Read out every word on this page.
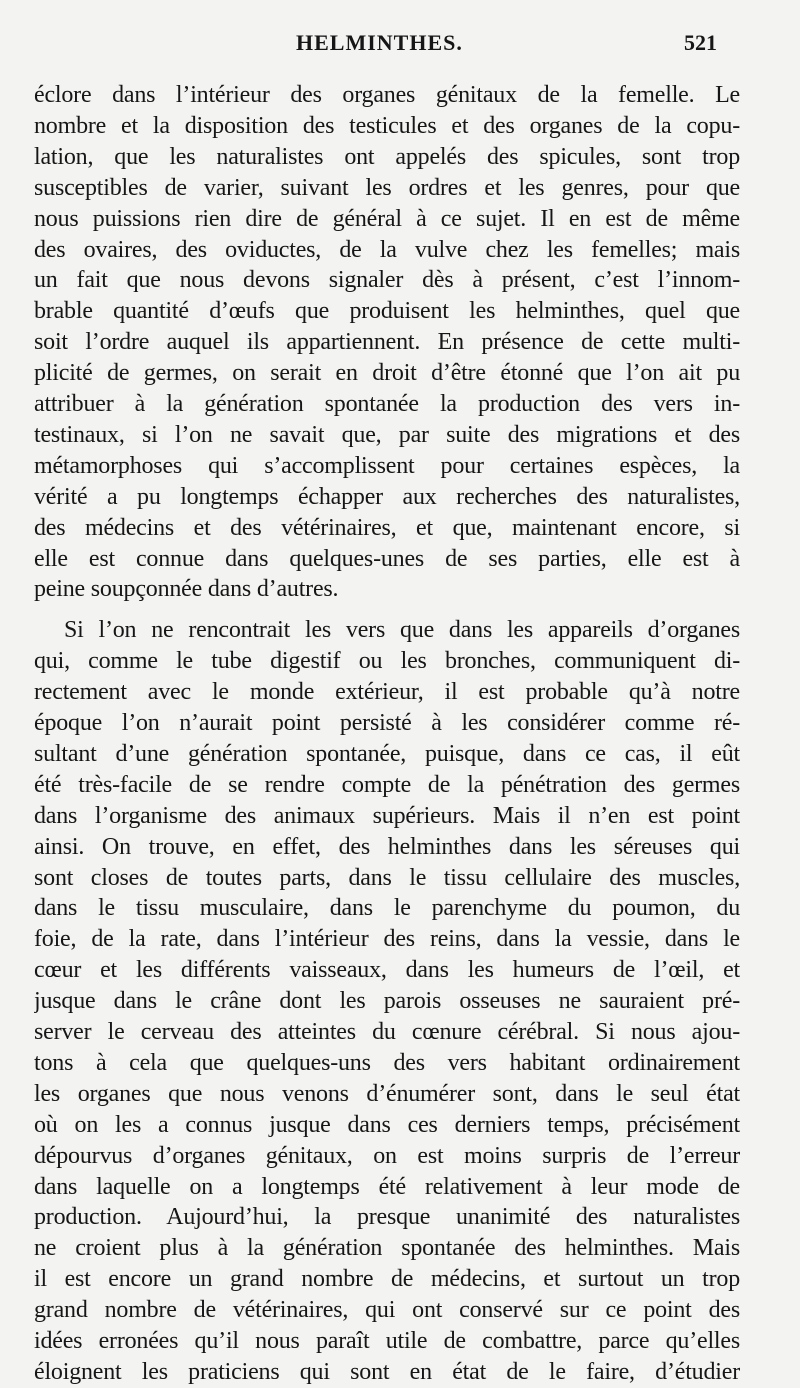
HELMINTHES.	521
éclore dans l’intérieur des organes génitaux de la femelle. Le
nombre et la disposition des testicules et des organes de la copu-
lation, que les naturalistes ont appelés des spicules, sont trop
susceptibles de varier, suivant les ordres et les genres, pour que
nous puissions rien dire de général à ce sujet. Il en est de même
des ovaires, des oviductes, de la vulve chez les femelles; mais
un fait que nous devons signaler dès à présent, c’est l’innom-
brable quantité d’œufs que produisent les helminthes, quel que
soit l’ordre auquel ils appartiennent. En présence de cette multi-
plicité de germes, on serait en droit d’être étonné que l’on ait pu
attribuer à la génération spontanée la production des vers in-
testinaux, si l’on ne savait que, par suite des migrations et des
métamorphoses qui s’accomplissent pour certaines espèces, la
vérité a pu longtemps échapper aux recherches des naturalistes,
des médecins et des vétérinaires, et que, maintenant encore, si
elle est connue dans quelques-unes de ses parties, elle est à
peine soupçonnée dans d’autres.
Si l’on ne rencontrait les vers que dans les appareils d’organes
qui, comme le tube digestif ou les bronches, communiquent di-
rectement avec le monde extérieur, il est probable qu’à notre
époque l’on n’aurait point persisté à les considérer comme ré-
sultant d’une génération spontanée, puisque, dans ce cas, il eût
été très-facile de se rendre compte de la pénétration des germes
dans l’organisme des animaux supérieurs. Mais il n’en est point
ainsi. On trouve, en effet, des helminthes dans les séreuses qui
sont closes de toutes parts, dans le tissu cellulaire des muscles,
dans le tissu musculaire, dans le parenchyme du poumon, du
foie, de la rate, dans l’intérieur des reins, dans la vessie, dans le
cœur et les différents vaisseaux, dans les humeurs de l’œil, et
jusque dans le crâne dont les parois osseuses ne sauraient pré-
server le cerveau des atteintes du cœnure cérébral. Si nous ajou-
tons à cela que quelques-uns des vers habitant ordinairement
les organes que nous venons d’énumérer sont, dans le seul état
où on les a connus jusque dans ces derniers temps, précisément
dépourvus d’organes génitaux, on est moins surpris de l’erreur
dans laquelle on a longtemps été relativement à leur mode de
production. Aujourd’hui, la presque unanimité des naturalistes
ne croient plus à la génération spontanée des helminthes. Mais
il est encore un grand nombre de médecins, et surtout un trop
grand nombre de vétérinaires, qui ont conservé sur ce point des
idées erronées qu’il nous paraît utile de combattre, parce qu’elles
éloignent les praticiens qui sont en état de le faire, d’étudier
